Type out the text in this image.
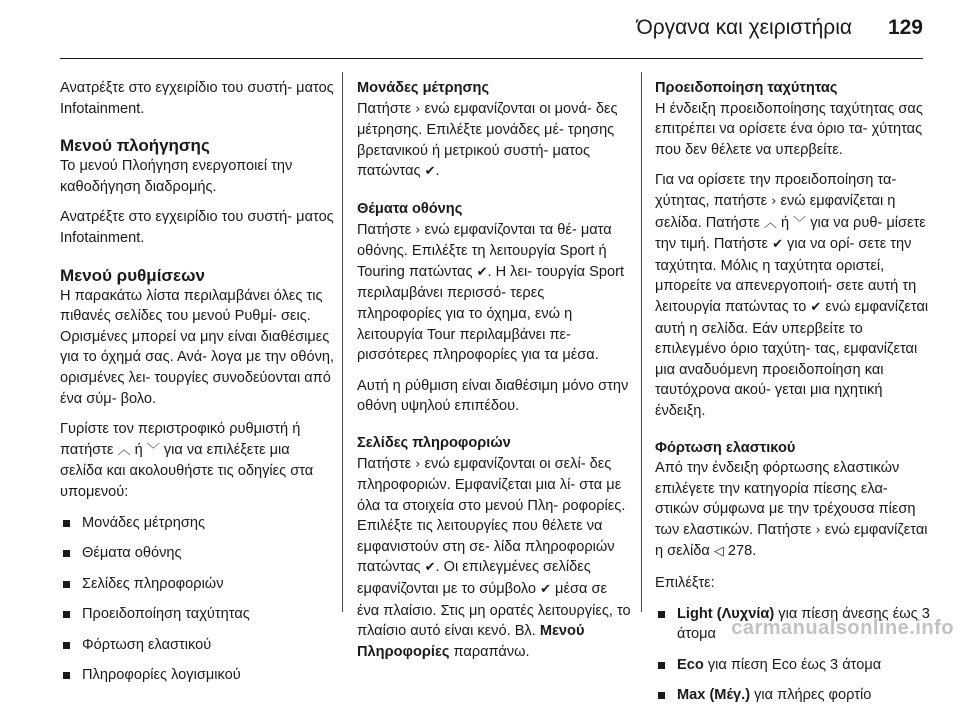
Όργανα και χειριστήρια 129

Ανατρέξτε στο εγχειρίδιο του συστή- ματος Infotainment.

Μενού πλοήγησης

Το μενού Πλοήγηση ενεργοποιεί την καθοδήγηση διαδρομής.

Ανατρέξτε στο εγχειρίδιο του συστή- ματος Infotainment.

Μενού ρυθμίσεων

Η παρακάτω λίστα περιλαμβάνει όλες τις πιθανές σελίδες του μενού Ρυθμί- σεις. Ορισμένες μπορεί να μην είναι διαθέσιμες για το όχημά σας. Ανά- λογα με την οθόνη, ορισμένες λει- τουργίες συνοδεύονται από ένα σύμ- βολο.

Γυρίστε τον περιστροφικό ρυθμιστή ή πατήστε ︿ ή ﹀ για να επιλέξετε μια σελίδα και ακολουθήστε τις οδηγίες στα υπομενού:

Μονάδες μέτρησης
Θέματα οθόνης
Σελίδες πληροφοριών
Προειδοποίηση ταχύτητας
Φόρτωση ελαστικού
Πληροφορίες λογισμικού
Μονάδες μέτρησης

Πατήστε › ενώ εμφανίζονται οι μονά- δες μέτρησης. Επιλέξτε μονάδες μέ- τρησης βρετανικού ή μετρικού συστή- ματος πατώντας ✔.

Θέματα οθόνης

Πατήστε › ενώ εμφανίζονται τα θέ- ματα οθόνης. Επιλέξτε τη λειτουργία Sport ή Touring πατώντας ✔. Η λει- τουργία Sport περιλαμβάνει περισσό- τερες πληροφορίες για το όχημα, ενώ η λειτουργία Tour περιλαμβάνει πε- ρισσότερες πληροφορίες για τα μέσα.

Αυτή η ρύθμιση είναι διαθέσιμη μόνο στην οθόνη υψηλού επιπέδου.

Σελίδες πληροφοριών

Πατήστε › ενώ εμφανίζονται οι σελί- δες πληροφοριών. Εμφανίζεται μια λί- στα με όλα τα στοιχεία στο μενού Πλη- ροφορίες. Επιλέξτε τις λειτουργίες που θέλετε να εμφανιστούν στη σε- λίδα πληροφοριών πατώντας ✔. Οι επιλεγμένες σελίδες εμφανίζονται με το σύμβολο ✔ μέσα σε ένα πλαίσιο. Στις μη ορατές λειτουργίες, το πλαίσιο αυτό είναι κενό. Βλ. Μενού Πληροφορίες παραπάνω.

Προειδοποίηση ταχύτητας

Η ένδειξη προειδοποίησης ταχύτητας σας επιτρέπει να ορίσετε ένα όριο τα- χύτητας που δεν θέλετε να υπερβείτε.

Για να ορίσετε την προειδοποίηση τα- χύτητας, πατήστε › ενώ εμφανίζεται η σελίδα. Πατήστε ︿ ή ﹀ για να ρυθ- μίσετε την τιμή. Πατήστε ✔ για να ορί- σετε την ταχύτητα. Μόλις η ταχύτητα οριστεί, μπορείτε να απενεργοποιή- σετε αυτή τη λειτουργία πατώντας το ✔ ενώ εμφανίζεται αυτή η σελίδα. Εάν υπερβείτε το επιλεγμένο όριο ταχύτη- τας, εμφανίζεται μια αναδυόμενη προειδοποίηση και ταυτόχρονα ακού- γεται μια ηχητική ένδειξη.

Φόρτωση ελαστικού

Από την ένδειξη φόρτωσης ελαστικών επιλέγετε την κατηγορία πίεσης ελα- στικών σύμφωνα με την τρέχουσα πίεση των ελαστικών. Πατήστε › ενώ εμφανίζεται η σελίδα ◁ 278.

Επιλέξτε:

Light (Λυχνία) για πίεση άνεσης έως 3 άτομα
Eco για πίεση Eco έως 3 άτομα
Max (Μέγ.) για πλήρες φορτίο
carmanualsonline.info
